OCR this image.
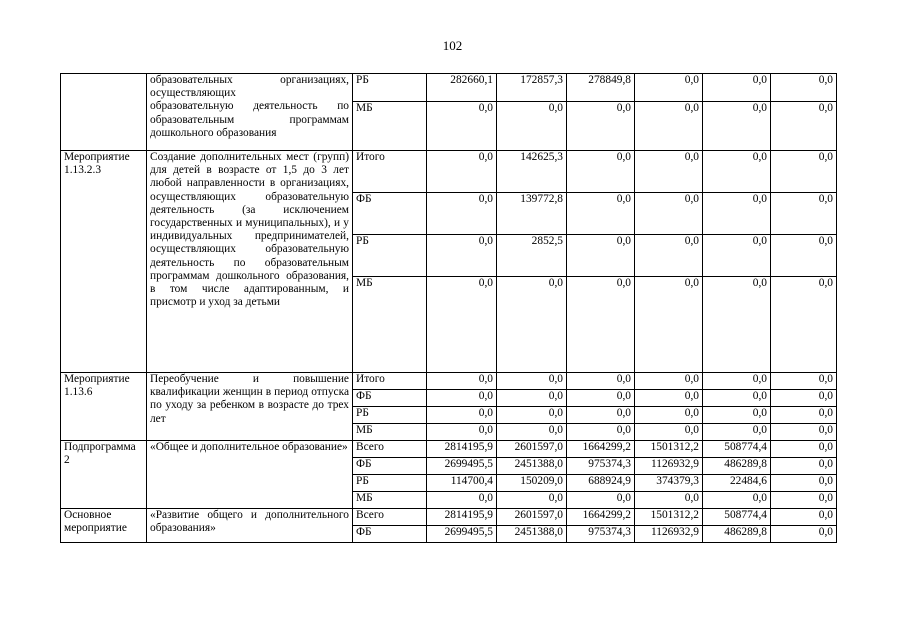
102

	образовательных организациях,
осуществляющих
образовательную деятельность по
образовательным программам
дошкольного образования	РБ	282660,1	172857,3	278849,8	0,0	0,0	0,0
		МБ	0,0	0,0	0,0	0,0	0,0	0,0
Мероприятие 1.13.2.3	Создание дополнительных мест (групп) для детей в возрасте от 1,5 до 3 лет любой направленности в организациях, осуществляющих образовательную деятельность (за исключением государственных и муниципальных), и у индивидуальных предпринимателей, осуществляющих образовательную деятельность по образовательным программам дошкольного образования, в том числе адаптированным, и присмотр и уход за детьми	Итого	0,0	142625,3	0,0	0,0	0,0	0,0
		ФБ	0,0	139772,8	0,0	0,0	0,0	0,0
		РБ	0,0	2852,5	0,0	0,0	0,0	0,0
		МБ	0,0	0,0	0,0	0,0	0,0	0,0
Мероприятие 1.13.6	Переобучение и повышение квалификации женщин в период отпуска по уходу за ребенком в возрасте до трех лет	Итого	0,0	0,0	0,0	0,0	0,0	0,0
		ФБ	0,0	0,0	0,0	0,0	0,0	0,0
		РБ	0,0	0,0	0,0	0,0	0,0	0,0
		МБ	0,0	0,0	0,0	0,0	0,0	0,0
Подпрограмма 2	«Общее и дополнительное образование»	Всего	2814195,9	2601597,0	1664299,2	1501312,2	508774,4	0,0
		ФБ	2699495,5	2451388,0	975374,3	1126932,9	486289,8	0,0
		РБ	114700,4	150209,0	688924,9	374379,3	22484,6	0,0
		МБ	0,0	0,0	0,0	0,0	0,0	0,0
Основное мероприятие	«Развитие общего и дополнительного образования»	Всего	2814195,9	2601597,0	1664299,2	1501312,2	508774,4	0,0
		ФБ	2699495,5	2451388,0	975374,3	1126932,9	486289,8	0,0
